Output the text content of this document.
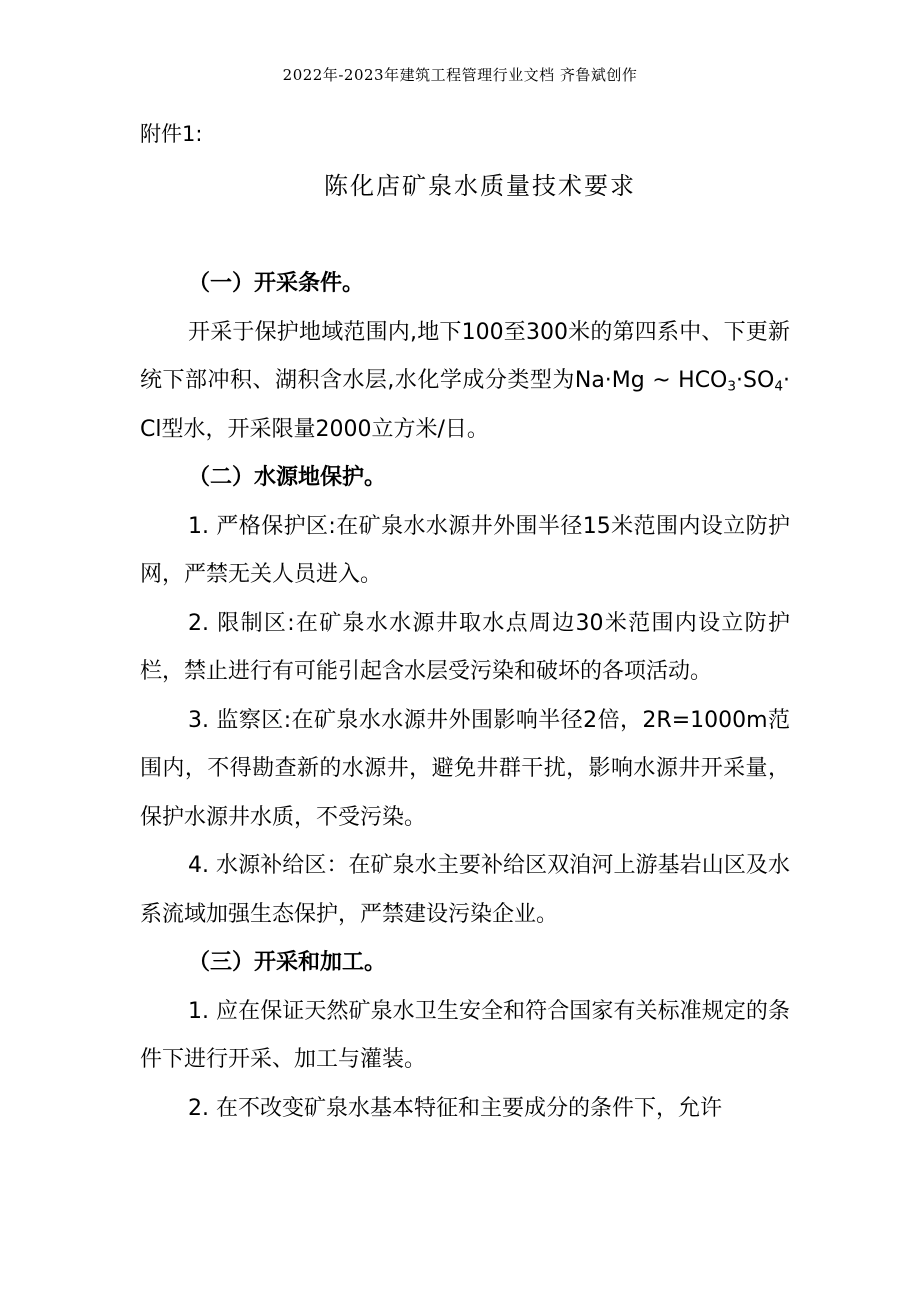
2022年-2023年建筑工程管理行业文档 齐鲁斌创作
附件1:
陈化店矿泉水质量技术要求

（一）开采条件。

开采于保护地域范围内,地下100至300米的第四系中、下更新统下部冲积、湖积含水层,水化学成分类型为Na·Mg ~ $HCO_3\cdot SO_4\cdot Cl$型水，开采限量2000立方米/日。

（二）水源地保护。

1. 严格保护区:在矿泉水水源井外围半径15米范围内设立防护网，严禁无关人员进入。

2. 限制区:在矿泉水水源井取水点周边30米范围内设立防护栏，禁止进行有可能引起含水层受污染和破坏的各项活动。

3. 监察区:在矿泉水水源井外围影响半径2倍，2R=1000m范围内，不得勘查新的水源井，避免井群干扰，影响水源井开采量，保护水源井水质，不受污染。

4. 水源补给区：在矿泉水主要补给区双洎河上游基岩山区及水系流域加强生态保护，严禁建设污染企业。

（三）开采和加工。

1. 应在保证天然矿泉水卫生安全和符合国家有关标准规定的条件下进行开采、加工与灌装。

2. 在不改变矿泉水基本特征和主要成分的条件下，允许
